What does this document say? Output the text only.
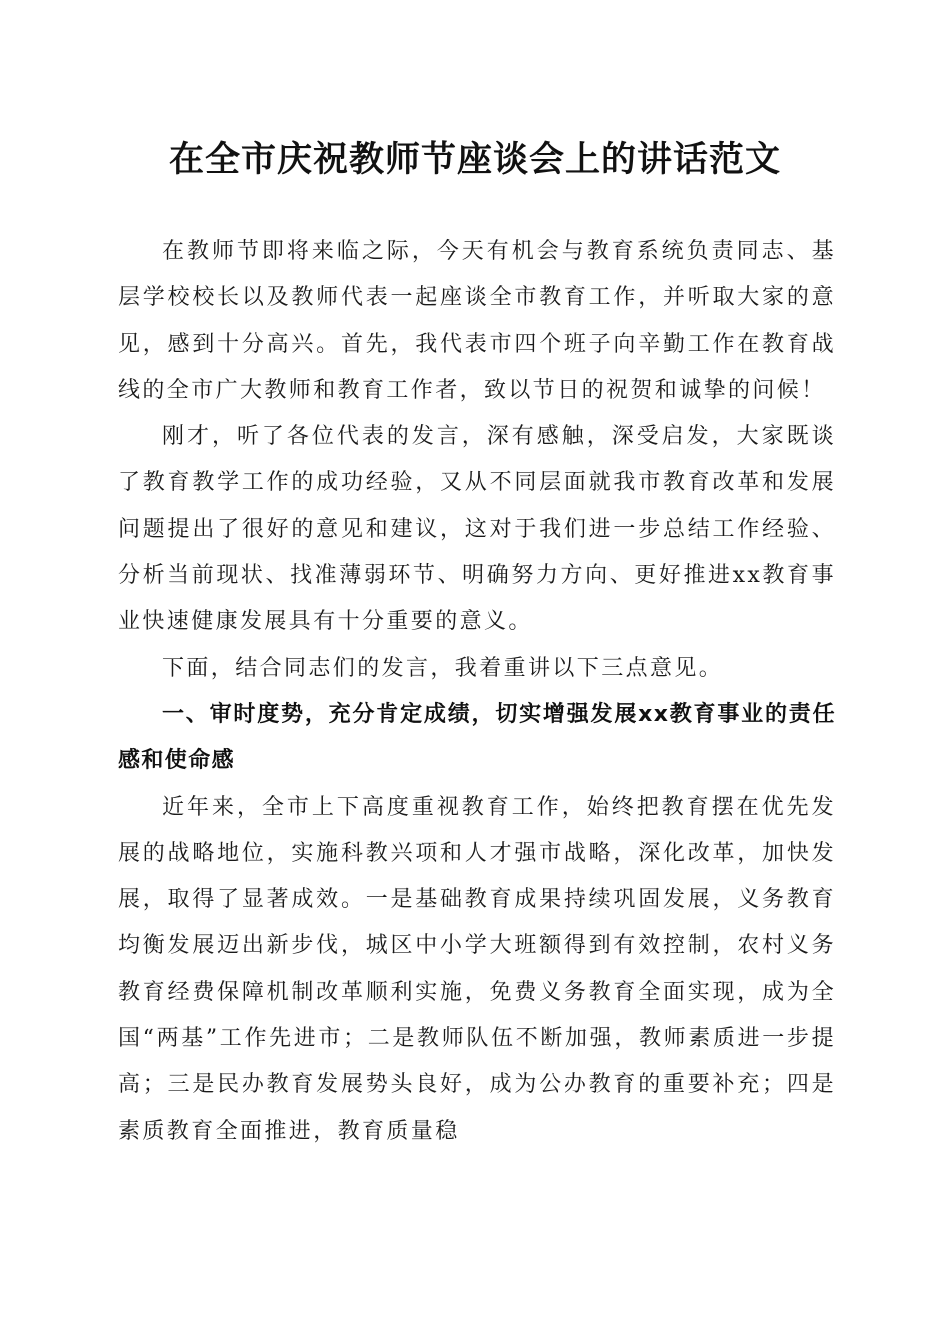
在全市庆祝教师节座谈会上的讲话范文

在教师节即将来临之际，今天有机会与教育系统负责同志、基层学校校长以及教师代表一起座谈全市教育工作，并听取大家的意见，感到十分高兴。首先，我代表市四个班子向辛勤工作在教育战线的全市广大教师和教育工作者，致以节日的祝贺和诚挚的问候！

刚才，听了各位代表的发言，深有感触，深受启发，大家既谈了教育教学工作的成功经验，又从不同层面就我市教育改革和发展问题提出了很好的意见和建议，这对于我们进一步总结工作经验、分析当前现状、找准薄弱环节、明确努力方向、更好推进xx教育事业快速健康发展具有十分重要的意义。

下面，结合同志们的发言，我着重讲以下三点意见。

一、审时度势，充分肯定成绩，切实增强发展xx教育事业的责任感和使命感

近年来，全市上下高度重视教育工作，始终把教育摆在优先发展的战略地位，实施科教兴项和人才强市战略，深化改革，加快发展，取得了显著成效。一是基础教育成果持续巩固发展，义务教育均衡发展迈出新步伐，城区中小学大班额得到有效控制，农村义务教育经费保障机制改革顺利实施，免费义务教育全面实现，成为全国“两基”工作先进市；二是教师队伍不断加强，教师素质进一步提高；三是民办教育发展势头良好，成为公办教育的重要补充；四是素质教育全面推进，教育质量稳
